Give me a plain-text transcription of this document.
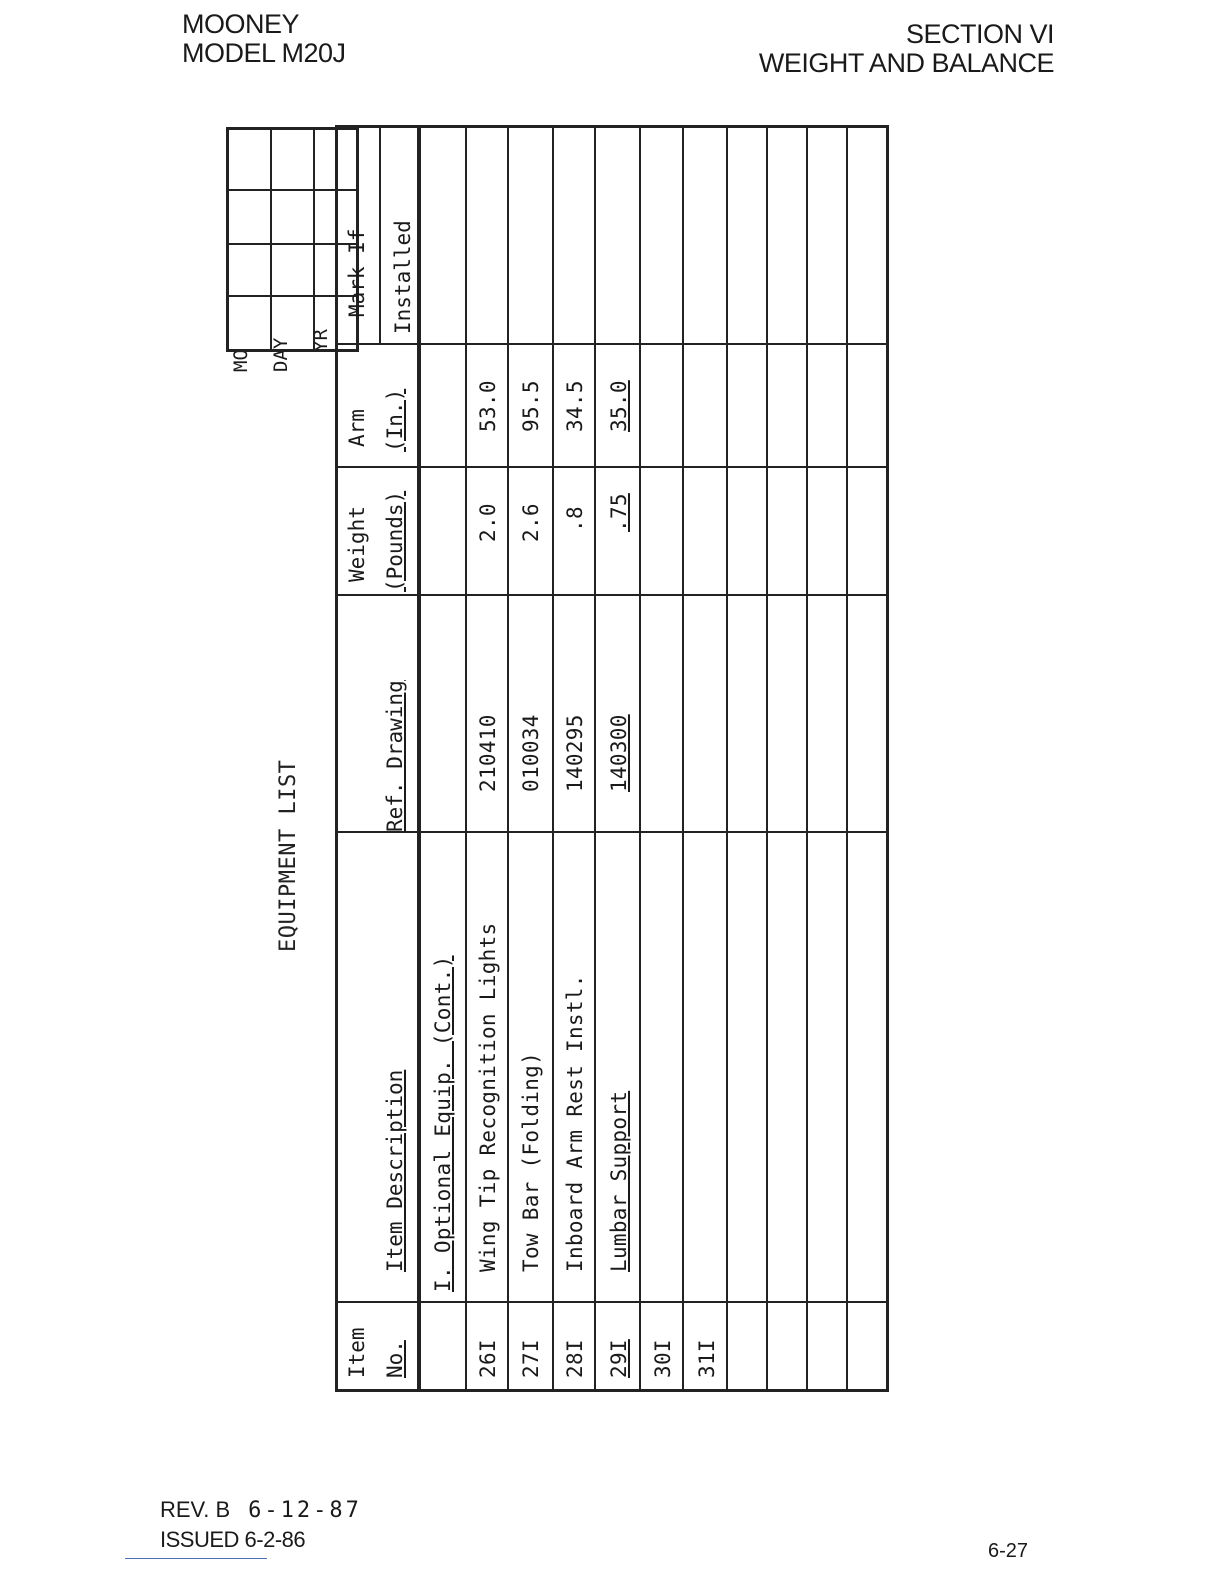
MOONEY
MODEL M20J
SECTION VI
WEIGHT AND BALANCE
EQUIPMENT LIST
MO DAY YR
Item No.
Item Description
Ref. Drawing
Weight (Pounds)
Arm (In.)
Mark If Installed
I. Optional Equip. (Cont.)
26I
Wing Tip Recognition Lights
210410
2.0
53.0
27I
Tow Bar (Folding)
010034
2.6
95.5
28I
Inboard Arm Rest Instl.
140295
.8
34.5
29I
Lumbar Support
140300
.75
35.0
30I 31I
REV. B 6-12-87
ISSUED 6-2-86	6-27
